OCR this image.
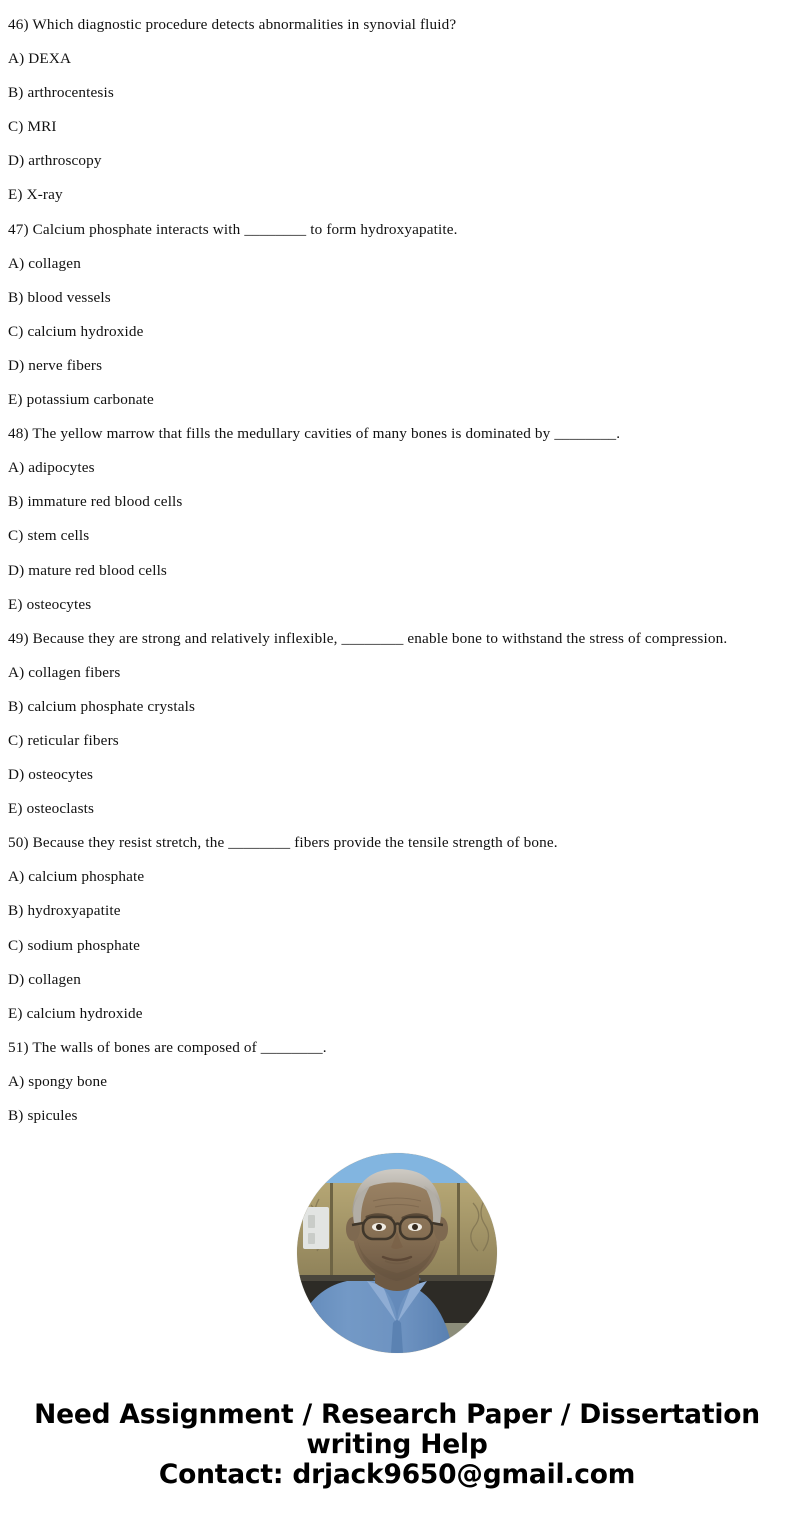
46) Which diagnostic procedure detects abnormalities in synovial fluid?
A) DEXA
B) arthrocentesis
C) MRI
D) arthroscopy
E) X-ray
47) Calcium phosphate interacts with ________ to form hydroxyapatite.
A) collagen
B) blood vessels
C) calcium hydroxide
D) nerve fibers
E) potassium carbonate
48) The yellow marrow that fills the medullary cavities of many bones is dominated by ________.
A) adipocytes
B) immature red blood cells
C) stem cells
D) mature red blood cells
E) osteocytes
49) Because they are strong and relatively inflexible, ________ enable bone to withstand the stress of compression.
A) collagen fibers
B) calcium phosphate crystals
C) reticular fibers
D) osteocytes
E) osteoclasts
50) Because they resist stretch, the ________ fibers provide the tensile strength of bone.
A) calcium phosphate
B) hydroxyapatite
C) sodium phosphate
D) collagen
E) calcium hydroxide
51) The walls of bones are composed of ________.
A) spongy bone
B) spicules
Need Assignment / Research Paper / Dissertation writing Help
Contact: drjack9650@gmail.com
